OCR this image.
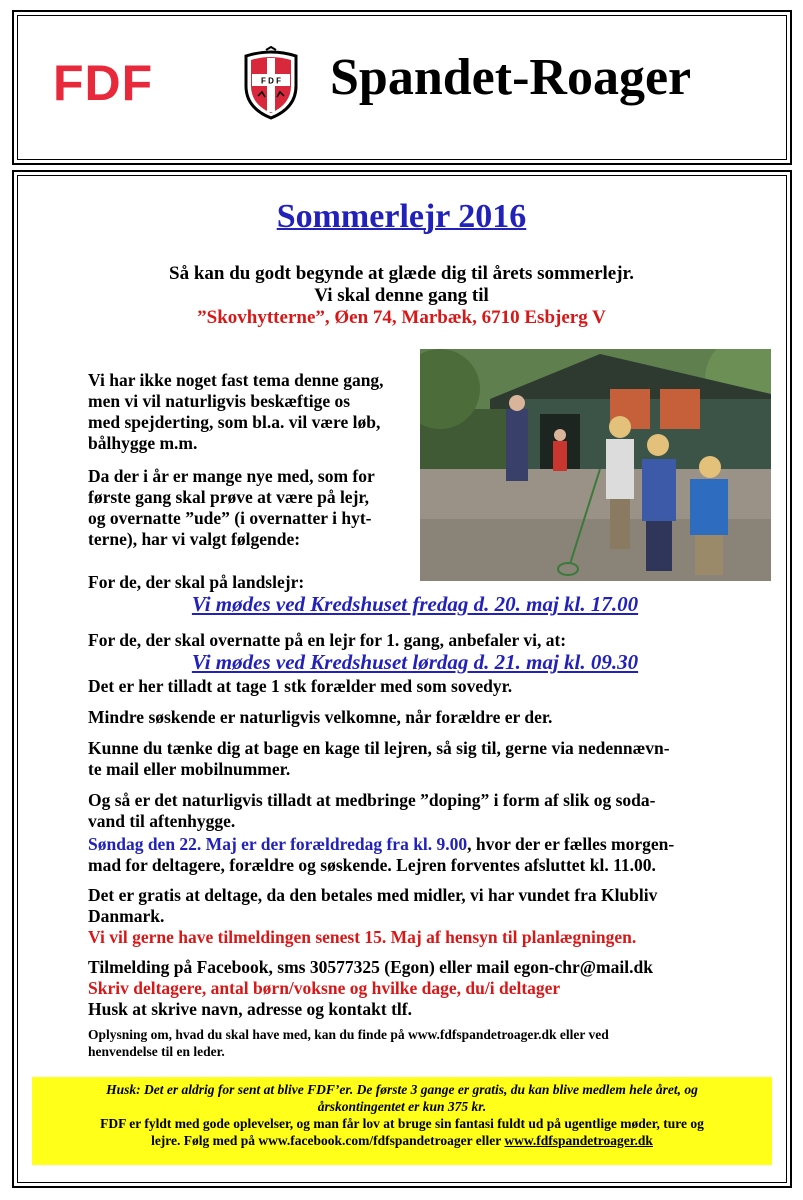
FDF	F D F Spandet-Roager
Sommerlejr 2016
Så kan du godt begynde at glæde dig til årets sommerlejr.
Vi skal denne gang til
”Skovhytterne”, Øen 74, Marbæk, 6710 Esbjerg V
Vi har ikke noget fast tema denne gang,
men vi vil naturligvis beskæftige os
med spejderting, som bl.a. vil være løb,
bålhygge m.m.
Da der i år er mange nye med, som for
første gang skal prøve at være på lejr,
og overnatte ”ude” (i overnatter i hyt-
terne), har vi valgt følgende:
For de, der skal på landslejr:
Vi mødes ved Kredshuset fredag d. 20. maj kl. 17.00
For de, der skal overnatte på en lejr for 1. gang, anbefaler vi, at:
Vi mødes ved Kredshuset lørdag d. 21. maj kl. 09.30
Det er her tilladt at tage 1 stk forælder med som sovedyr.
Mindre søskende er naturligvis velkomne, når forældre er der.
Kunne du tænke dig at bage en kage til lejren, så sig til, gerne via nedennævn-
te mail eller mobilnummer.
Og så er det naturligvis tilladt at medbringe ”doping” i form af slik og soda-
vand til aftenhygge.
Søndag den 22. Maj er der forældredag fra kl. 9.00, hvor der er fælles morgen-
mad for deltagere, forældre og søskende. Lejren forventes afsluttet kl. 11.00.
Det er gratis at deltage, da den betales med midler, vi har vundet fra Klubliv
Danmark.
Vi vil gerne have tilmeldingen senest 15. Maj af hensyn til planlægningen.
Tilmelding på Facebook, sms 30577325 (Egon) eller mail egon-chr@mail.dk
Skriv deltagere, antal børn/voksne og hvilke dage, du/i deltager
Husk at skrive navn, adresse og kontakt tlf.
Oplysning om, hvad du skal have med, kan du finde på www.fdfspandetroager.dk eller ved
henvendelse til en leder.
Husk: Det er aldrig for sent at blive FDF’er. De første 3 gange er gratis, du kan blive medlem hele året, og
årskontingentet er kun 375 kr.
FDF er fyldt med gode oplevelser, og man får lov at bruge sin fantasi fuldt ud på ugentlige møder, ture og
lejre. Følg med på www.facebook.com/fdfspandetroager eller www.fdfspandetroager.dk
